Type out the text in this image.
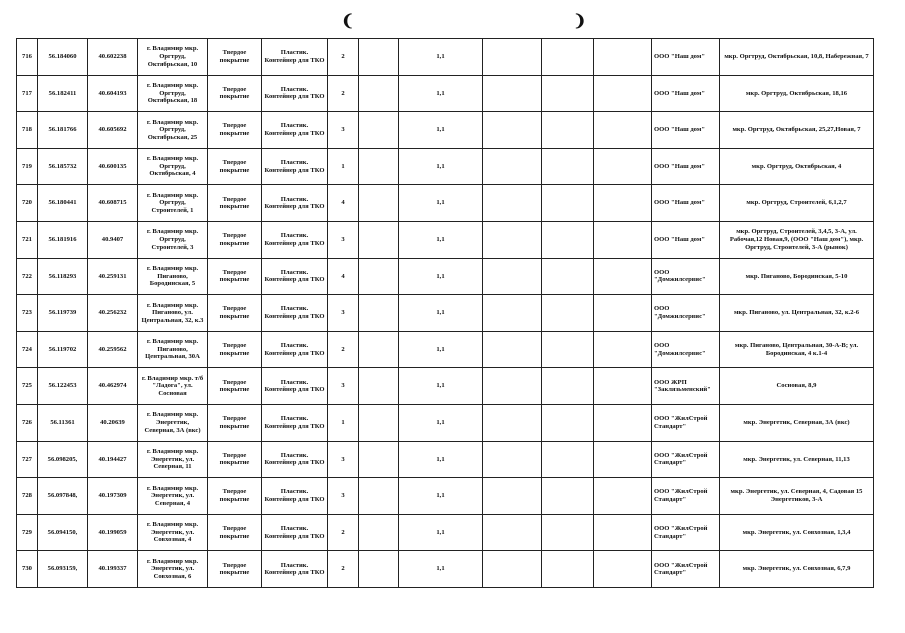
❨	❩
716	56.184060	40.602238	г. Владимир мкр. Оргтруд, Октябрьская, 10	Твердое покрытие	Пластик. Контейнер для ТКО	2		1,1				ООО "Наш дом"	мкр. Оргтруд, Октябрьская, 10,8, Набережная, 7
717	56.182411	40.604193	г. Владимир мкр. Оргтруд, Октябрьская, 18	Твердое покрытие	Пластик. Контейнер для ТКО	2		1,1				ООО "Наш дом"	мкр. Оргтруд, Октябрьская, 18,16
718	56.181766	40.605692	г. Владимир мкр. Оргтруд, Октябрьская, 25	Твердое покрытие	Пластик. Контейнер для ТКО	3		1,1				ООО "Наш дом"	мкр. Оргтруд, Октябрьская, 25,27,Новая, 7
719	56.185732	40.600135	г. Владимир мкр. Оргтруд, Октябрьская, 4	Твердое покрытие	Пластик. Контейнер для ТКО	1		1,1				ООО "Наш дом"	мкр. Оргтруд, Октябрьская, 4
720	56.180441	40.608715	г. Владимир мкр. Оргтруд, Строителей, 1	Твердое покрытие	Пластик. Контейнер для ТКО	4		1,1				ООО "Наш дом"	мкр. Оргтруд, Строителей, 6,1,2,7
721	56.181916	40.9407	г. Владимир мкр. Оргтруд, Строителей, 3	Твердое покрытие	Пластик. Контейнер для ТКО	3		1,1				ООО "Наш дом"	мкр. Оргтруд, Строителей, 3,4,5, 3-А, ул. Рабочая,12 Новая,9, (ООО "Наш дом"), мкр. Оргтруд, Строителей, 3-А (рынок)
722	56.118293	40.259131	г. Владимир мкр. Пиганово, Бородинская, 5	Твердое покрытие	Пластик. Контейнер для ТКО	4		1,1				ООО "Домжилсервис"	мкр. Пиганово, Бородинская, 5-10
723	56.119739	40.256232	г. Владимир мкр. Пиганово, ул. Центральная, 32, к.3	Твердое покрытие	Пластик. Контейнер для ТКО	3		1,1				ООО "Домжилсервис"	мкр. Пиганово, ул. Центральная, 32, к.2-6
724	56.119702	40.259562	г. Владимир мкр. Пиганово, Центральная, 30А	Твердое покрытие	Пластик. Контейнер для ТКО	2		1,1				ООО "Домжилсервис"	мкр. Пиганово, Центральная, 30-А-В; ул. Бородинская, 4 к.1-4
725	56.122453	40.462974	г. Владимир мкр. т/б "Ладога", ул. Сосновая	Твердое покрытие	Пластик. Контейнер для ТКО	3		1,1				ООО ЖРП "Заклязьменский"	Сосновая, 8,9
726	56.11361	40.20639	г. Владимир мкр. Энергетик, Северная, 3А (вкс)	Твердое покрытие	Пластик. Контейнер для ТКО	1		1,1				ООО "ЖилСтрой Стандарт"	мкр. Энергетик, Северная, 3А (вкс)
727	56.098205,	40.194427	г. Владимир мкр. Энергетик, ул. Северная, 11	Твердое покрытие	Пластик. Контейнер для ТКО	3		1,1				ООО "ЖилСтрой Стандарт"	мкр. Энергетик, ул. Северная, 11,13
728	56.097848,	40.197309	г. Владимир мкр. Энергетик, ул. Северная, 4	Твердое покрытие	Пластик. Контейнер для ТКО	3		1,1				ООО "ЖилСтрой Стандарт"	мкр. Энергетик, ул. Северная, 4, Садовая 15 Энергетиков, 3-А
729	56.094150,	40.199059	г. Владимир мкр. Энергетик, ул. Совхозная, 4	Твердое покрытие	Пластик. Контейнер для ТКО	2		1,1				ООО "ЖилСтрой Стандарт"	мкр. Энергетик, ул. Совхозная, 1,3,4
730	56.093159,	40.199337	г. Владимир мкр. Энергетик, ул. Совхозная, 6	Твердое покрытие	Пластик. Контейнер для ТКО	2		1,1				ООО "ЖилСтрой Стандарт"	мкр. Энергетик, ул. Совхозная, 6,7,9
